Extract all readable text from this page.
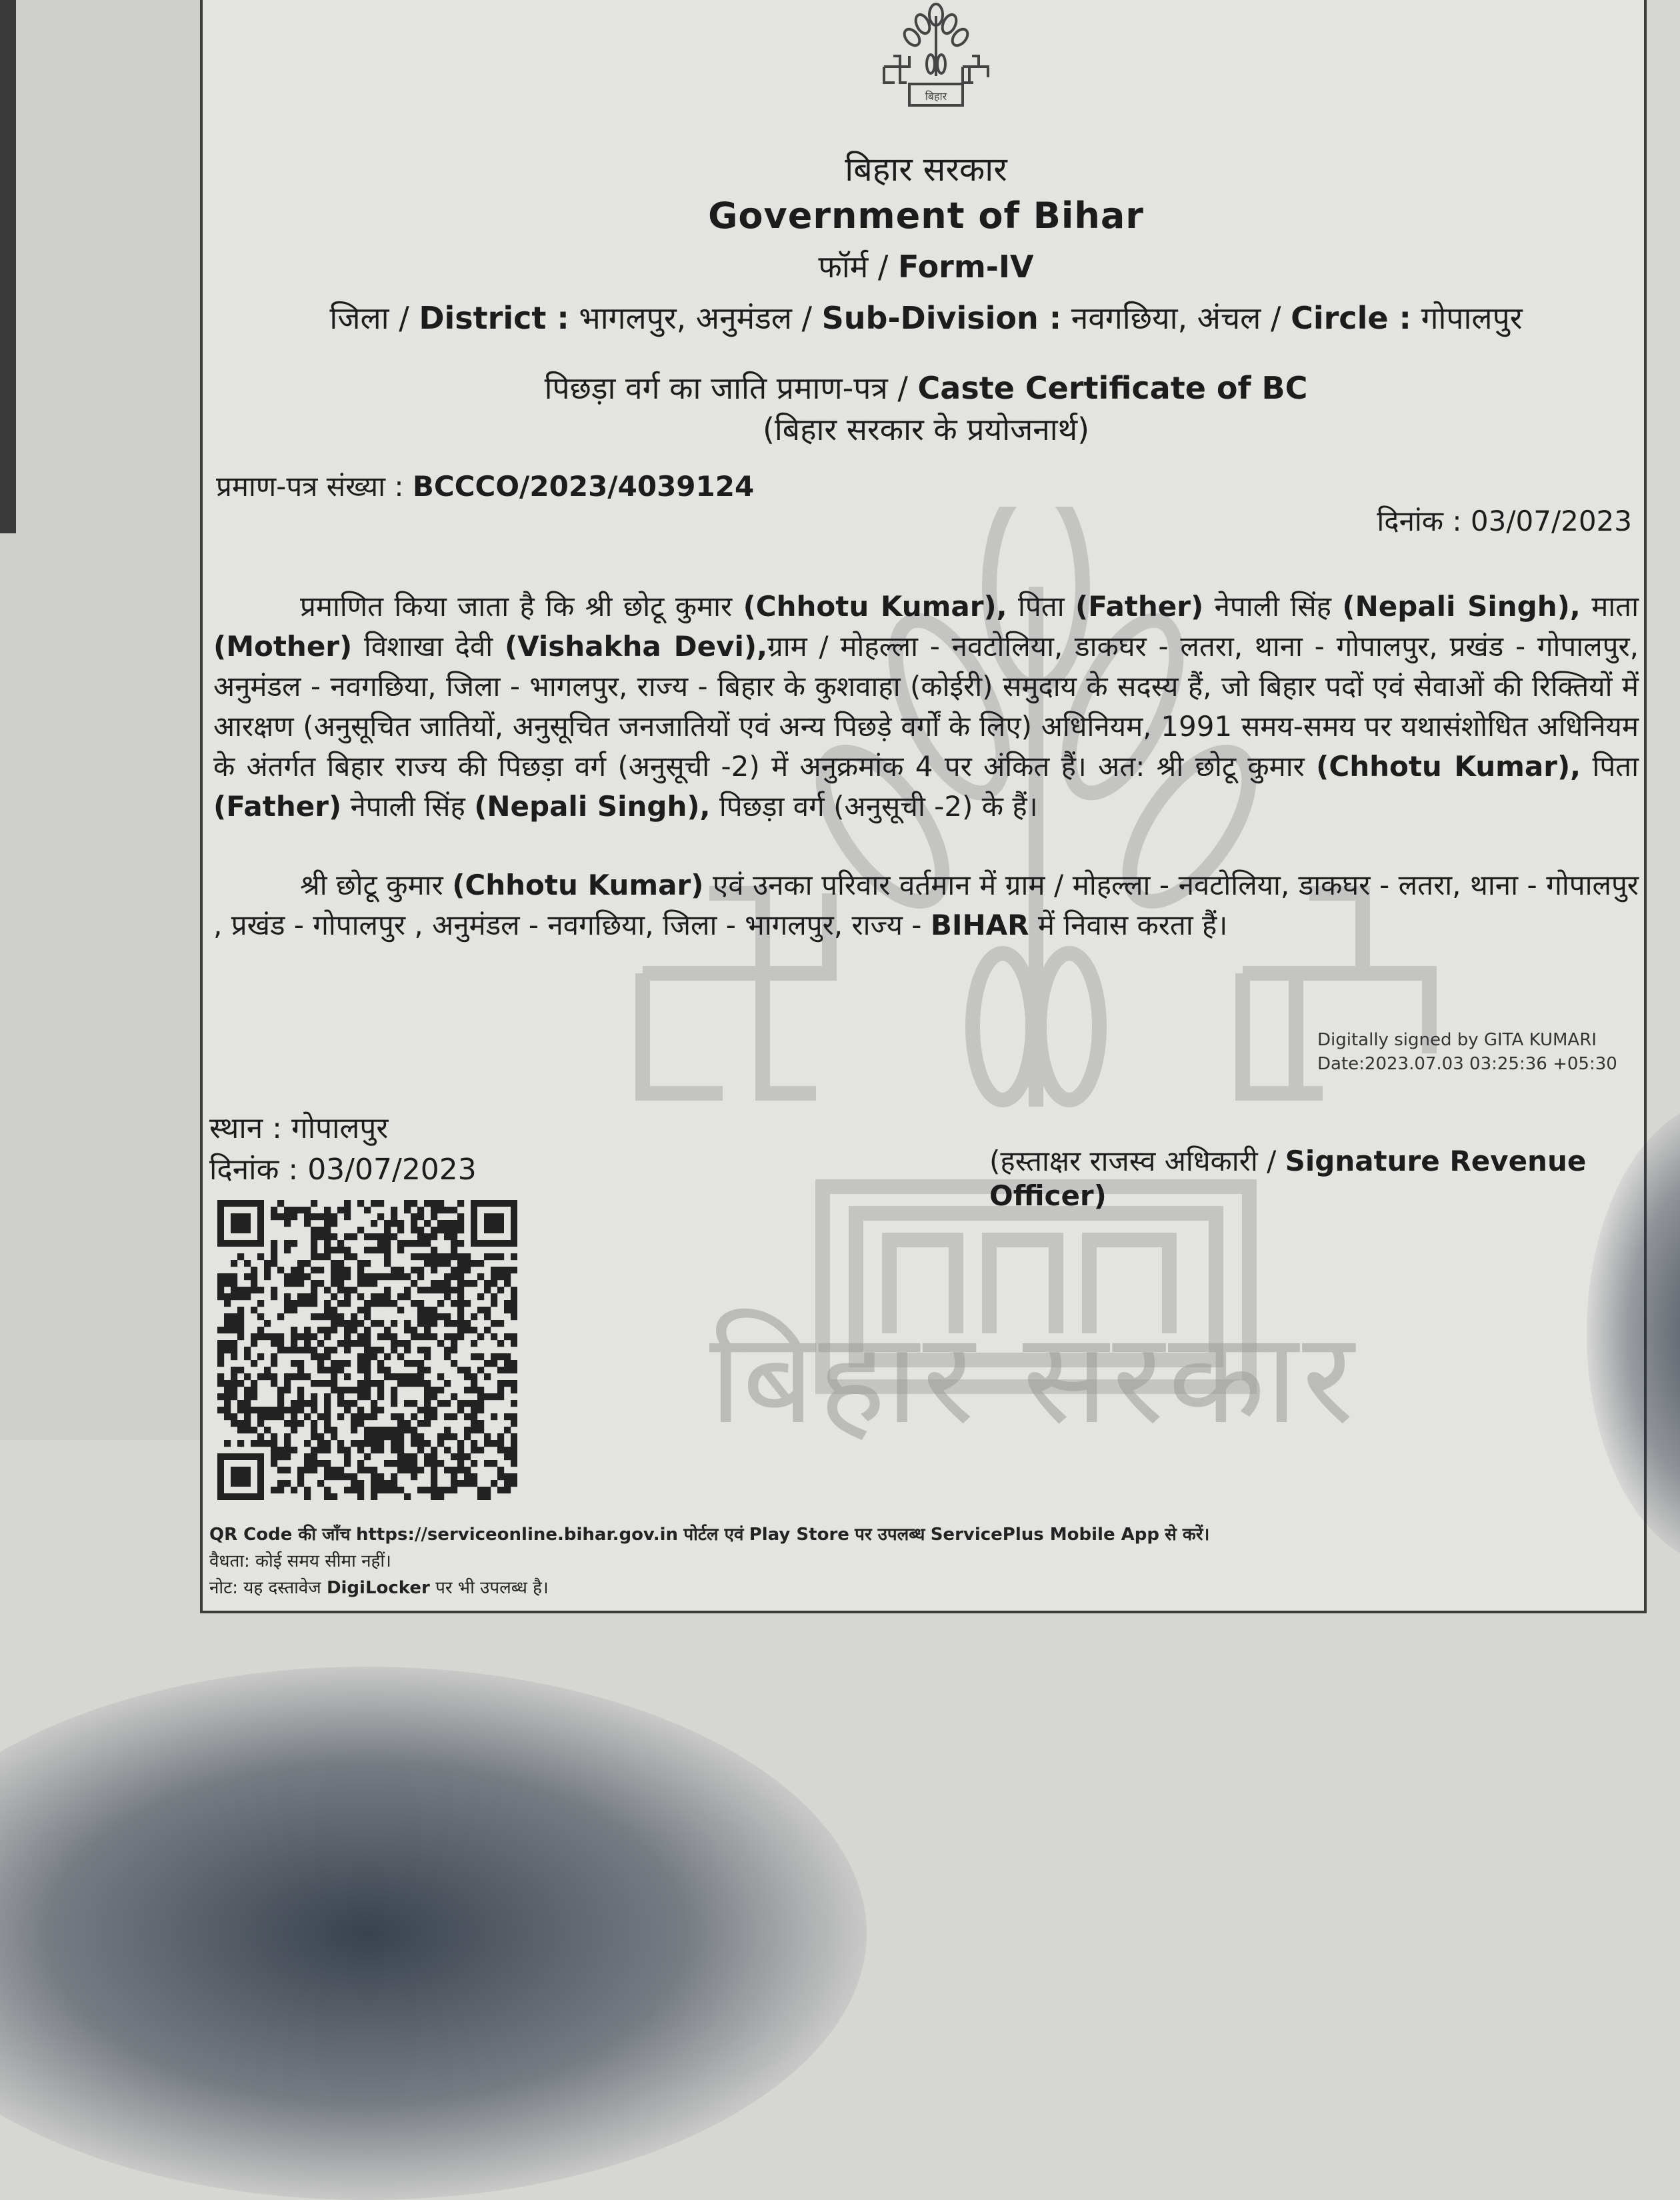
बिहार सरकार
बिहार
बिहार सरकार
Government of Bihar
फॉर्म / Form-IV
जिला / District : भागलपुर, अनुमंडल / Sub-Division : नवगछिया, अंचल / Circle : गोपालपुर
पिछड़ा वर्ग का जाति प्रमाण-पत्र / Caste Certificate of BC
(बिहार सरकार के प्रयोजनार्थ)
प्रमाण-पत्र संख्या : BCCCO/2023/4039124
दिनांक : 03/07/2023
प्रमाणित किया जाता है कि श्री छोटू कुमार (Chhotu Kumar), पिता (Father) नेपाली सिंह (Nepali Singh), माता (Mother) विशाखा देवी (Vishakha Devi),ग्राम / मोहल्ला - नवटोलिया, डाकघर - लतरा, थाना - गोपालपुर, प्रखंड - गोपालपुर, अनुमंडल - नवगछिया, जिला - भागलपुर, राज्य - बिहार के कुशवाहा (कोईरी) समुदाय के सदस्य हैं, जो बिहार पदों एवं सेवाओं की रिक्तियों में आरक्षण (अनुसूचित जातियों, अनुसूचित जनजातियों एवं अन्य पिछड़े वर्गों के लिए) अधिनियम, 1991 समय-समय पर यथासंशोधित अधिनियम के अंतर्गत बिहार राज्य की पिछड़ा वर्ग (अनुसूची -2) में अनुक्रमांक 4 पर अंकित हैं। अत: श्री छोटू कुमार (Chhotu Kumar), पिता (Father) नेपाली सिंह (Nepali Singh), पिछड़ा वर्ग (अनुसूची -2) के हैं।
श्री छोटू कुमार (Chhotu Kumar) एवं उनका परिवार वर्तमान में ग्राम / मोहल्ला - नवटोलिया, डाकघर - लतरा, थाना - गोपालपुर , प्रखंड - गोपालपुर , अनुमंडल - नवगछिया, जिला - भागलपुर, राज्य - BIHAR में निवास करता हैं।
Digitally signed by GITA KUMARI
Date:2023.07.03 03:25:36 +05:30
स्थान : गोपालपुर
दिनांक : 03/07/2023	(हस्ताक्षर राजस्व अधिकारी / Signature Revenue Officer)
QR Code की जाँच https://serviceonline.bihar.gov.in पोर्टल एवं Play Store पर उपलब्ध ServicePlus Mobile App से करें।
वैधता: कोई समय सीमा नहीं।
नोट: यह दस्तावेज DigiLocker पर भी उपलब्ध है।
